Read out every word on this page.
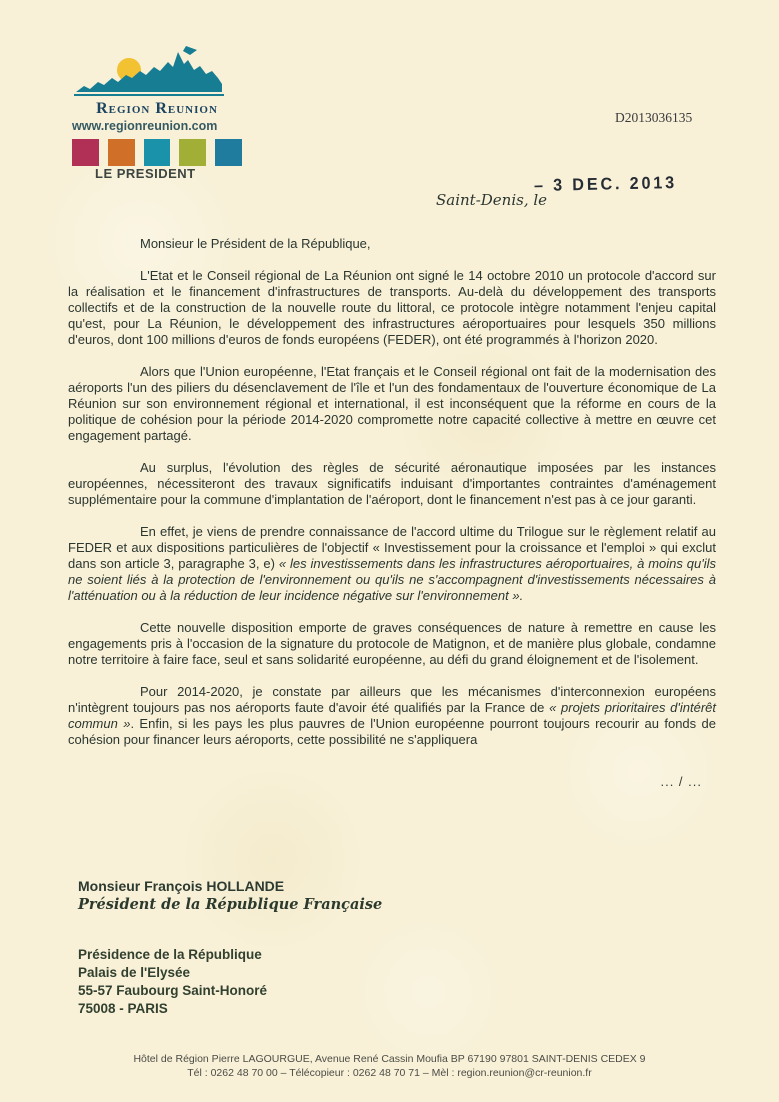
Region Reunion
www.regionreunion.com
LE PRESIDENT
D2013036135
Saint-Denis, le
– 3 DEC. 2013

Monsieur le Président de la République,

L'Etat et le Conseil régional de La Réunion ont signé le 14 octobre 2010 un protocole d'accord sur la réalisation et le financement d'infrastructures de transports. Au-delà du développement des transports collectifs et de la construction de la nouvelle route du littoral, ce protocole intègre notamment l'enjeu capital qu'est, pour La Réunion, le développement des infrastructures aéroportuaires pour lesquels 350 millions d'euros, dont 100 millions d'euros de fonds européens (FEDER), ont été programmés à l'horizon 2020.

Alors que l'Union européenne, l'Etat français et le Conseil régional ont fait de la modernisation des aéroports l'un des piliers du désenclavement de l'île et l'un des fondamentaux de l'ouverture économique de La Réunion sur son environnement régional et international, il est inconséquent que la réforme en cours de la politique de cohésion pour la période 2014-2020 compromette notre capacité collective à mettre en œuvre cet engagement partagé.

Au surplus, l'évolution des règles de sécurité aéronautique imposées par les instances européennes, nécessiteront des travaux significatifs induisant d'importantes contraintes d'aménagement supplémentaire pour la commune d'implantation de l'aéroport, dont le financement n'est pas à ce jour garanti.

En effet, je viens de prendre connaissance de l'accord ultime du Trilogue sur le règlement relatif au FEDER et aux dispositions particulières de l'objectif « Investissement pour la croissance et l'emploi » qui exclut dans son article 3, paragraphe 3, e) « les investissements dans les infrastructures aéroportuaires, à moins qu'ils ne soient liés à la protection de l'environnement ou qu'ils ne s'accompagnent d'investissements nécessaires à l'atténuation ou à la réduction de leur incidence négative sur l'environnement ».

Cette nouvelle disposition emporte de graves conséquences de nature à remettre en cause les engagements pris à l'occasion de la signature du protocole de Matignon, et de manière plus globale, condamne notre territoire à faire face, seul et sans solidarité européenne, au défi du grand éloignement et de l'isolement.

Pour 2014-2020, je constate par ailleurs que les mécanismes d'interconnexion européens n'intègrent toujours pas nos aéroports faute d'avoir été qualifiés par la France de « projets prioritaires d'intérêt commun ». Enfin, si les pays les plus pauvres de l'Union européenne pourront toujours recourir au fonds de cohésion pour financer leurs aéroports, cette possibilité ne s'appliquera

... / ...
Monsieur François HOLLANDE
Président de la République Française
Présidence de la République
Palais de l'Elysée
55-57 Faubourg Saint-Honoré
75008 - PARIS
Hôtel de Région Pierre LAGOURGUE, Avenue René Cassin Moufia BP 67190 97801 SAINT-DENIS CEDEX 9
Tél : 0262 48 70 00 – Télécopieur : 0262 48 70 71 – Mèl : region.reunion@cr-reunion.fr
